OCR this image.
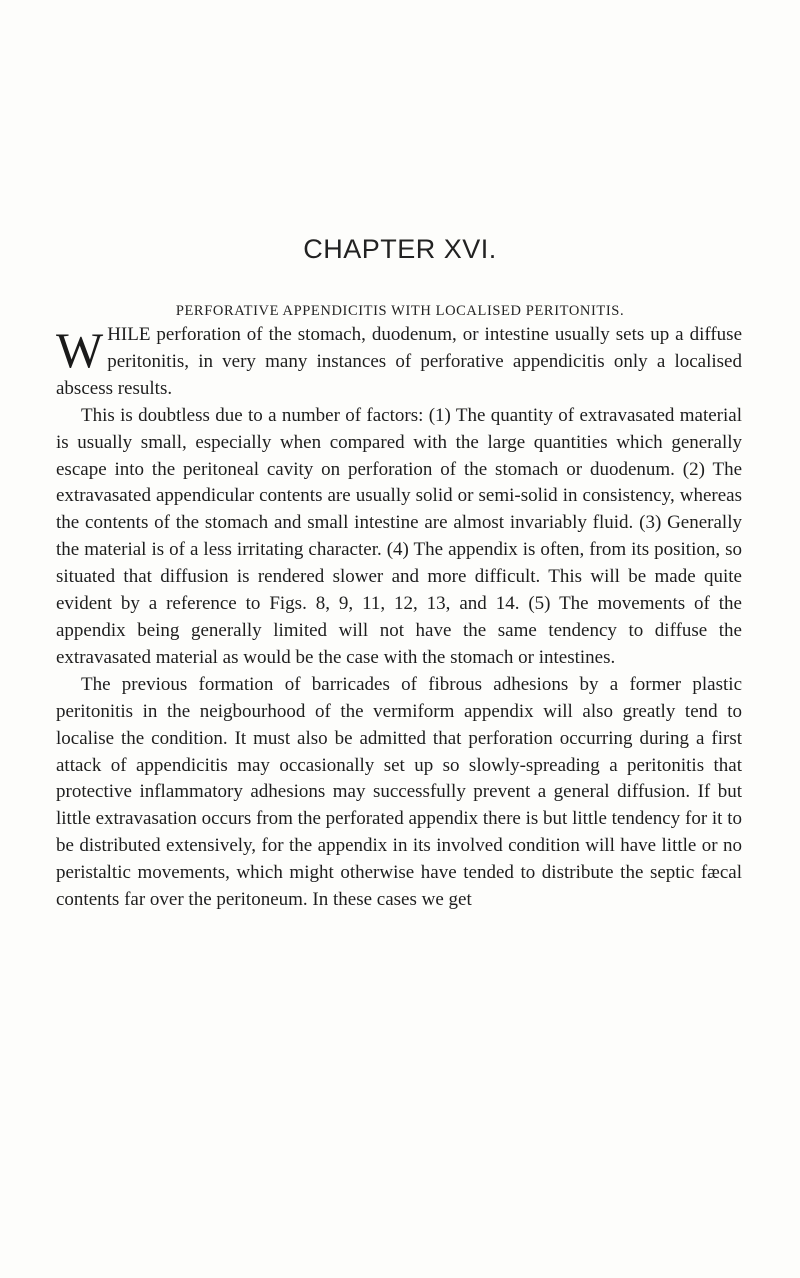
CHAPTER XVI.
PERFORATIVE APPENDICITIS WITH LOCALISED PERITONITIS.

WHILE perforation of the stomach, duodenum, or intestine usually sets up a diffuse peritonitis, in very many instances of perforative appendicitis only a localised abscess results.

This is doubtless due to a number of factors: (1) The quantity of extravasated material is usually small, especially when compared with the large quantities which generally escape into the peritoneal cavity on perforation of the stomach or duodenum. (2) The extravasated appendicular contents are usually solid or semi-solid in consistency, whereas the contents of the stomach and small intestine are almost invariably fluid. (3) Generally the material is of a less irritating character. (4) The appendix is often, from its position, so situated that diffusion is rendered slower and more difficult. This will be made quite evident by a reference to Figs. 8, 9, 11, 12, 13, and 14. (5) The movements of the appendix being generally limited will not have the same tendency to diffuse the extravasated material as would be the case with the stomach or intestines.

The previous formation of barricades of fibrous adhesions by a former plastic peritonitis in the neigbourhood of the vermiform appendix will also greatly tend to localise the condition. It must also be admitted that perforation occurring during a first attack of appendicitis may occasionally set up so slowly-spreading a peritonitis that protective inflammatory adhesions may successfully prevent a general diffusion. If but little extravasation occurs from the perforated appendix there is but little tendency for it to be distributed extensively, for the appendix in its involved condition will have little or no peristaltic movements, which might otherwise have tended to distribute the septic fæcal contents far over the peritoneum. In these cases we get
